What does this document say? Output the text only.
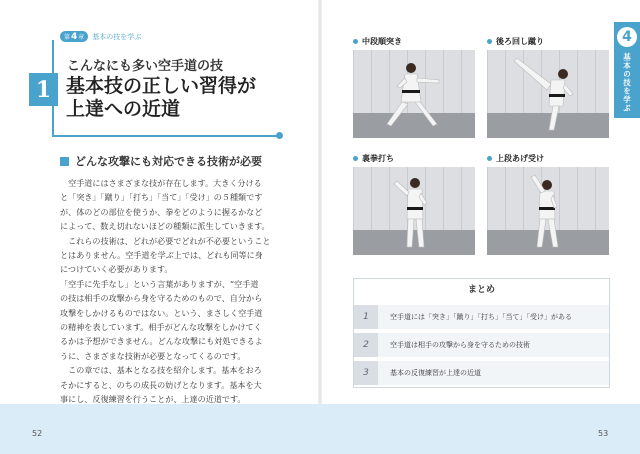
第 4 章 基本の技を学ぶ
1
こんなにも多い空手道の技
基本技の正しい習得が
上達への近道
どんな攻撃にも対応できる技術が必要
空手道にはさまざまな技が存在します。大きく分ける
と「突き」「蹴り」「打ち」「当て」「受け」の５種類です
が、体のどの部位を使うか、拳をどのように握るかなど
によって、数え切れないほどの種類に派生していきます。
これらの技術は、どれが必要でどれが不必要ということ
とはありません。空手道を学ぶ上では、どれも同等に身
につけていく必要があります。
「空手に先手なし」という言葉がありますが、“空手道
の技は相手の攻撃から身を守るためのもので、自分から
攻撃をしかけるものではない。という、まさしく空手道
の精神を表しています。相手がどんな攻撃をしかけてく
るかは予想ができません。どんな攻撃にも対処できるよ
うに、さまざまな技術が必要となってくるのです。
この章では、基本となる技を紹介します。基本をおろ
そかにすると、のちの成長の妨げとなります。基本を大
事にし、反復練習を行うことが、上達の近道です。
52
中段順突き	後ろ回し蹴り
裏拳打ち	上段あげ受け
4
基本の技を学ぶ
まとめ
1	空手道には「突き」「蹴り」「打ち」「当て」「受け」がある
2	空手道は相手の攻撃から身を守るための技術
3	基本の反復練習が上達の近道
53
